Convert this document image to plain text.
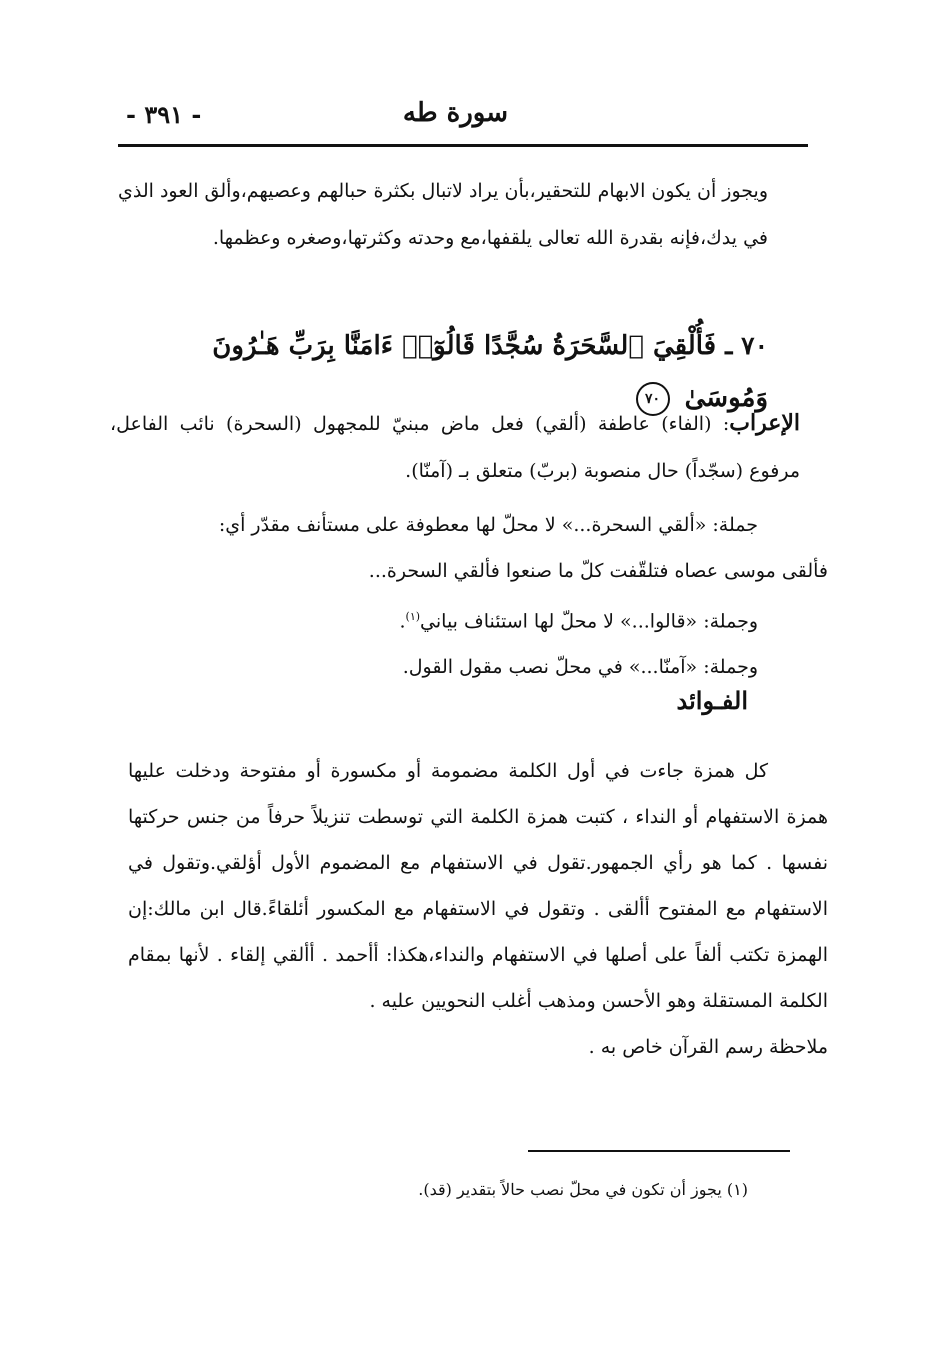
سورة طه
- ٣٩١ -
ويجوز أن يكون الابهام للتحقير،بأن يراد لاتبال بكثرة حبالهم وعصيهم،وألق العود الذي في يدك،فإنه بقدرة الله تعالى يلقفها،مع وحدته وكثرتها،وصغره وعظمها.
٧٠ ـ فَأُلْقِيَ ٱلسَّحَرَةُ سُجَّدًا قَالُوٓا۟ ءَامَنَّا بِرَبِّ هَـٰرُونَ وَمُوسَىٰ ٧٠
الإعراب: (الفاء) عاطفة (ألقي) فعل ماض مبنيّ للمجهول (السحرة) نائب الفاعل، مرفوع (سجّداً) حال منصوبة (بربّ) متعلق بـ (آمنّا).
جملة: «ألقي السحرة...» لا محلّ لها معطوفة على مستأنف مقدّر أي:
فألقى موسى عصاه فتلقّفت كلّ ما صنعوا فألقي السحرة...
وجملة: «قالوا...» لا محلّ لها استئناف بياني$^{(١)}$.
وجملة: «آمنّا...» في محلّ نصب مقول القول.
الفـوائد
كل همزة جاءت في أول الكلمة مضمومة أو مكسورة أو مفتوحة ودخلت عليها همزة الاستفهام أو النداء ، كتبت همزة الكلمة التي توسطت تنزيلاً حرفاً من جنس حركتها نفسها . كما هو رأي الجمهور.تقول في الاستفهام مع المضموم الأول أؤلقي.وتقول في الاستفهام مع المفتوح أألقى . وتقول في الاستفهام مع المكسور أئلقاءً.قال ابن مالك:إن الهمزة تكتب ألفاً على أصلها في الاستفهام والنداء،هكذا: أأحمد . أألقي إلقاء . لأنها بمقام الكلمة المستقلة وهو الأحسن ومذهب أغلب النحويين عليه .
ملاحظة رسم القرآن خاص به .
(١) يجوز أن تكون في محلّ نصب حالاً بتقدير (قد).
